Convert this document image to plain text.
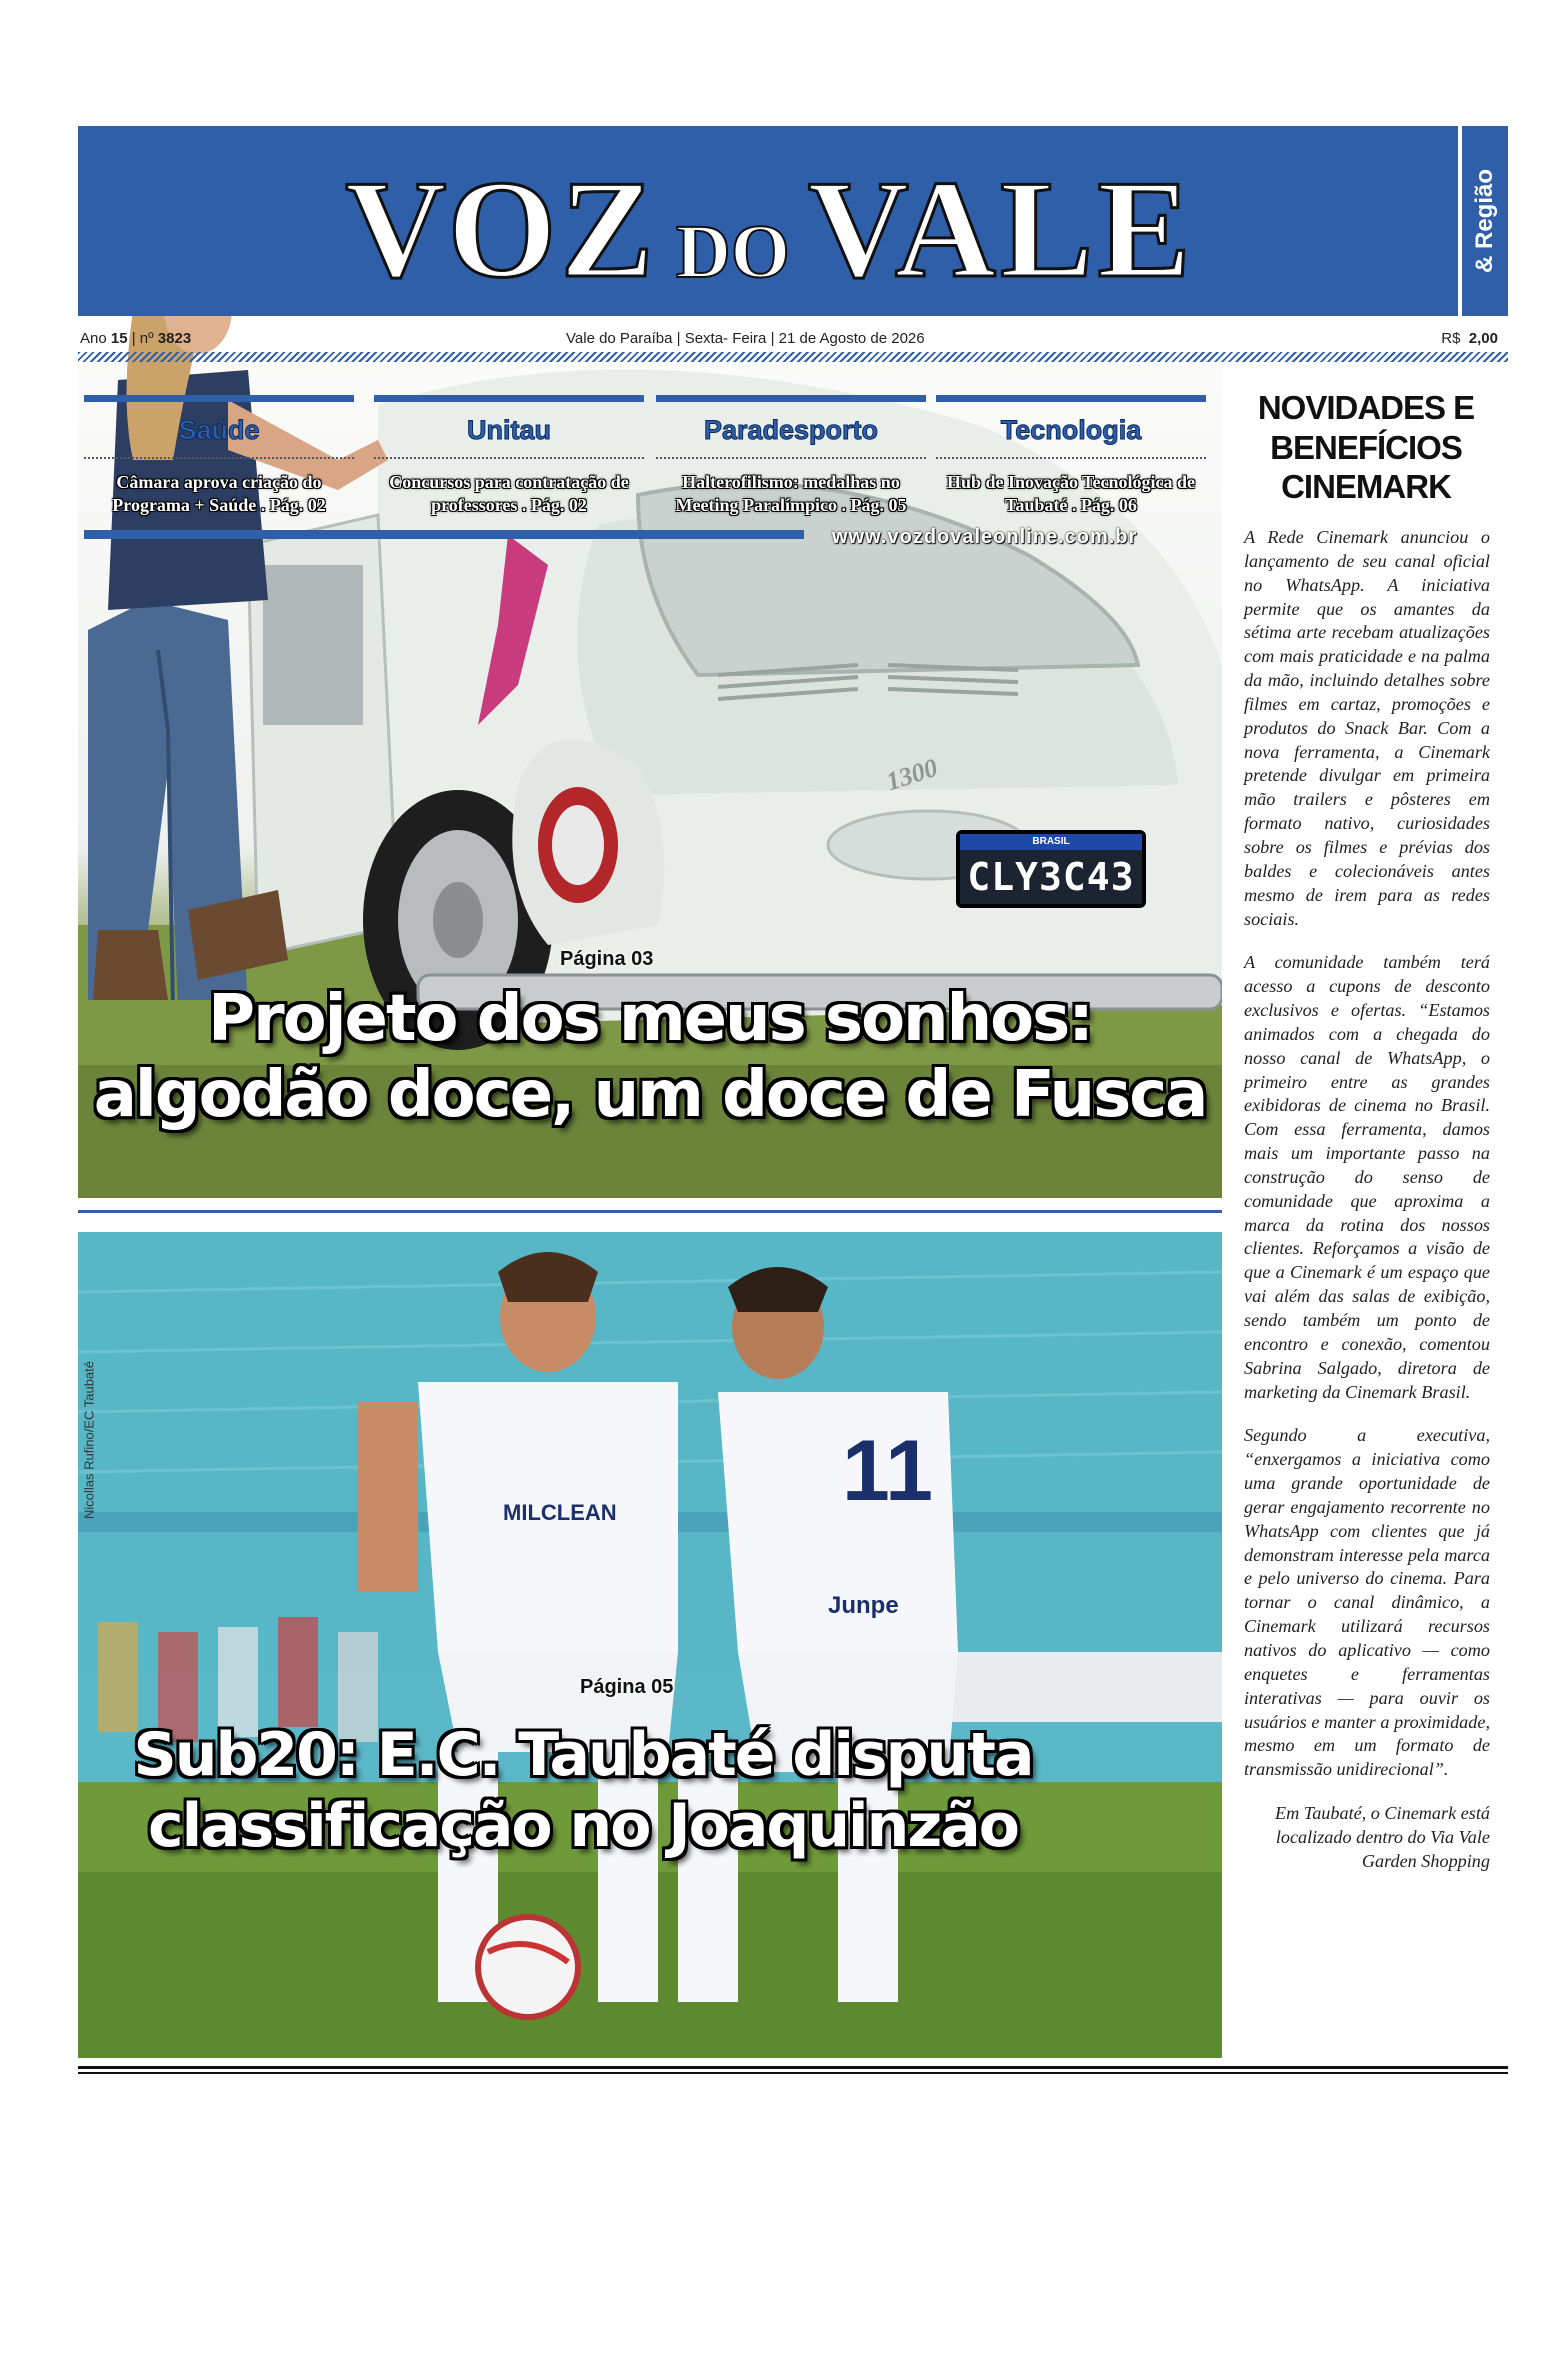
BRASIL
CLY3C43
1300
& Região
VOZ DO VALE
Ano 15 | nº 3823	Vale do Paraíba | Sexta- Feira | 21 de Agosto de 2026	R$ 2,00
Saúde
Câmara aprova criação do Programa + Saúde . Pág. 02
Unitau
Concursos para contratação de professores . Pág. 02
Paradesporto
Halterofilismo: medalhas no Meeting Paralímpico . Pág. 05
Tecnologia
Hub de Inovação Tecnológica de Taubaté . Pág. 06
www.vozdovaleonline.com.br
Página 03
Projeto dos meus sonhos:
algodão doce, um doce de Fusca
MILCLEAN	11
Junpe
Nicollas Rufino/EC Taubaté
Página 05
Sub20: E.C. Taubaté disputa
classificação no Joaquinzão
NOVIDADES E BENEFÍCIOS CINEMARK

A Rede Cinemark anunciou o lançamento de seu canal oficial no WhatsApp. A iniciativa permite que os amantes da sétima arte recebam atualizações com mais praticidade e na palma da mão, incluindo detalhes sobre filmes em cartaz, promoções e produtos do Snack Bar. Com a nova ferramenta, a Cinemark pretende divulgar em primeira mão trailers e pôsteres em formato nativo, curiosidades sobre os filmes e prévias dos baldes e colecionáveis antes mesmo de irem para as redes sociais.

A comunidade também terá acesso a cupons de desconto exclusivos e ofertas. “Estamos animados com a chegada do nosso canal de WhatsApp, o primeiro entre as grandes exibidoras de cinema no Brasil. Com essa ferramenta, damos mais um importante passo na construção do senso de comunidade que aproxima a marca da rotina dos nossos clientes. Reforçamos a visão de que a Cinemark é um espaço que vai além das salas de exibição, sendo também um ponto de encontro e conexão, comentou Sabrina Salgado, diretora de marketing da Cinemark Brasil.

Segundo a executiva, “enxergamos a iniciativa como uma grande oportunidade de gerar engajamento recorrente no WhatsApp com clientes que já demonstram interesse pela marca e pelo universo do cinema. Para tornar o canal dinâmico, a Cinemark utilizará recursos nativos do aplicativo — como enquetes e ferramentas interativas — para ouvir os usuários e manter a proximidade, mesmo em um formato de transmissão unidirecional”.

Em Taubaté, o Cinemark está localizado dentro do Via Vale Garden Shopping
